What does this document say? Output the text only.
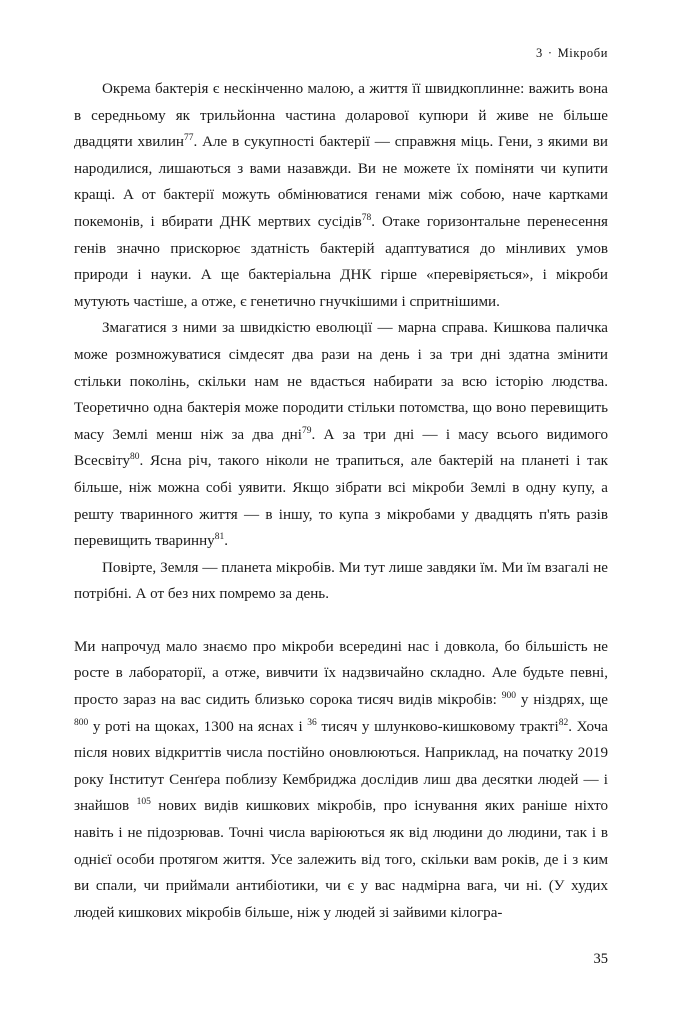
3 · Мікроби

Окрема бактерія є нескінченно малою, а життя її швидкоплинне: важить вона в середньому як трильйонна частина доларової купюри й живе не більше двадцяти хвилин$^{77}$. Але в сукупності бактерії — справжня міць. Гени, з якими ви народилися, лишаються з вами назавжди. Ви не можете їх поміняти чи купити кращі. А от бактерії можуть обмінюватися генами між собою, наче картками покемонів, і вбирати ДНК мертвих сусідів$^{78}$. Отаке горизонтальне перенесення генів значно прискорює здатність бактерій адаптуватися до мінливих умов природи і науки. А ще бактеріальна ДНК гірше «перевіряється», і мікроби мутують частіше, а отже, є генетично гнучкішими і спритнішими.

Змагатися з ними за швидкістю еволюції — марна справа. Кишкова паличка може розмножуватися сімдесят два рази на день і за три дні здатна змінити стільки поколінь, скільки нам не вдасться набирати за всю історію людства. Теоретично одна бактерія може породити стільки потомства, що воно перевищить масу Землі менш ніж за два дні$^{79}$. А за три дні — і масу всього видимого Всесвіту$^{80}$. Ясна річ, такого ніколи не трапиться, але бактерій на планеті і так більше, ніж можна собі уявити. Якщо зібрати всі мікроби Землі в одну купу, а решту тваринного життя — в іншу, то купа з мікробами у двадцять п'ять разів перевищить тваринну$^{81}$.

Повірте, Земля — планета мікробів. Ми тут лише завдяки їм. Ми їм взагалі не потрібні. А от без них помремо за день.

Ми напрочуд мало знаємо про мікроби всередині нас і довкола, бо більшість не росте в лабораторії, а отже, вивчити їх надзвичайно складно. Але будьте певні, просто зараз на вас сидить близько сорока тисяч видів мікробів: $^{900}$ у ніздрях, ще $^{800}$ у роті на щоках, 1300 на яснах і $^{36}$ тисяч у шлунково-кишковому тракті$^{82}$. Хоча після нових відкриттів числа постійно оновлюються. Наприклад, на початку 2019 року Інститут Сенґера поблизу Кембриджа дослідив лиш два десятки людей — і знайшов $^{105}$ нових видів кишкових мікробів, про існування яких раніше ніхто навіть і не підозрював. Точні числа варіюються як від людини до людини, так і в однієї особи протягом життя. Усе залежить від того, скільки вам років, де і з ким ви спали, чи приймали антибіотики, чи є у вас надмірна вага, чи ні. (У худих людей кишкових мікробів більше, ніж у людей зі зайвими кілогра-

35
